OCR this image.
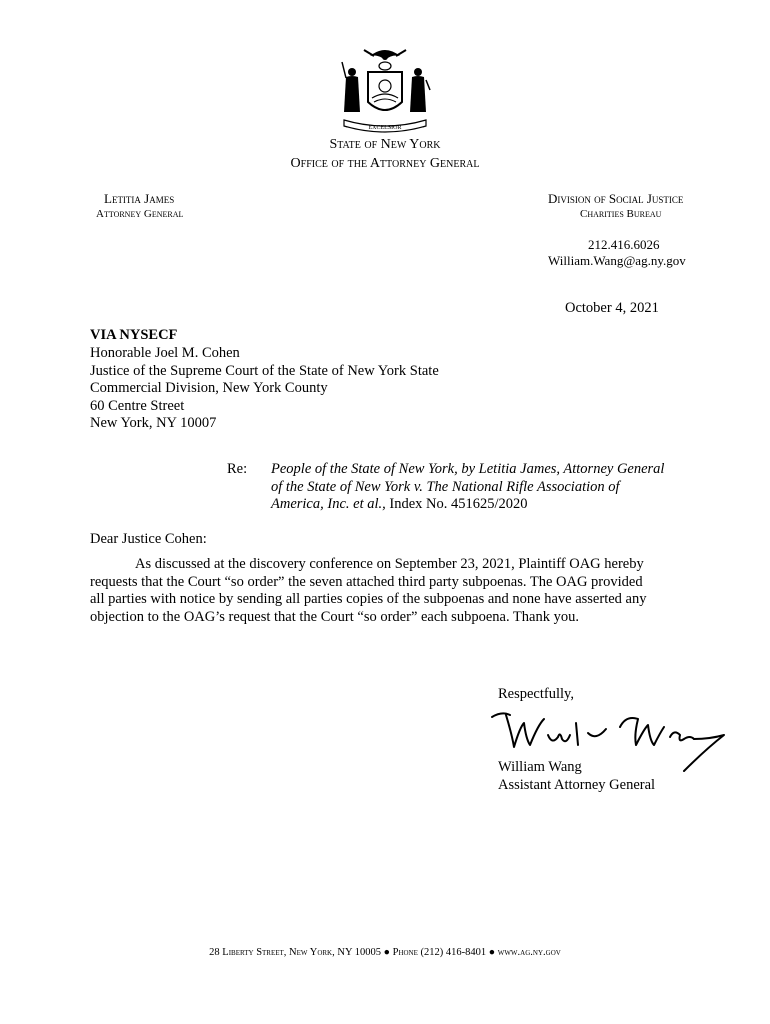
EXCELSIOR
State of New York
Office of the Attorney General
Letitia James
Attorney General
Division of Social Justice
Charities Bureau
212.416.6026
William.Wang@ag.ny.gov
October 4, 2021
VIA NYSECF
Honorable Joel M. Cohen
Justice of the Supreme Court of the State of New York State
Commercial Division, New York County
60 Centre Street
New York, NY 10007
Re: People of the State of New York, by Letitia James, Attorney General of the State of New York v. The National Rifle Association of America, Inc. et al., Index No. 451625/2020
Dear Justice Cohen:
As discussed at the discovery conference on September 23, 2021, Plaintiff OAG hereby
requests that the Court “so order” the seven attached third party subpoenas. The OAG provided
all parties with notice by sending all parties copies of the subpoenas and none have asserted any
objection to the OAG’s request that the Court “so order” each subpoena. Thank you.
Respectfully,
William Wang
Assistant Attorney General
28 Liberty Street, New York, NY 10005 ● Phone (212) 416-8401 ● www.ag.ny.gov
